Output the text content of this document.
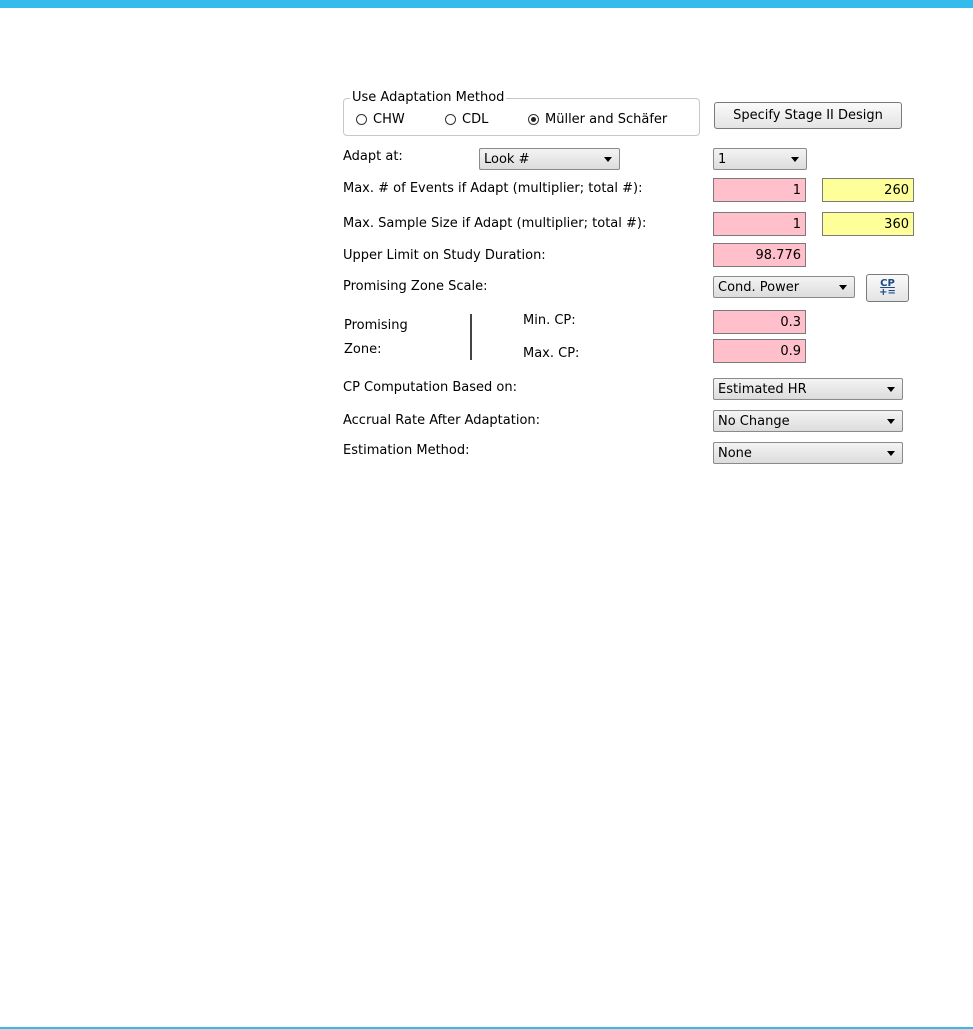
Use Adaptation Method
CHW	CDL	Müller and Schäfer	Specify Stage II Design
Adapt at:	Look #	1
Max. # of Events if Adapt (multiplier; total #):	1	260
Max. Sample Size if Adapt (multiplier; total #):	1	360
Upper Limit on Study Duration:	98.776
Promising Zone Scale:	Cond. Power	CP
+=
Promising
Zone:
Min. CP:	0.3
Max. CP:	0.9
CP Computation Based on:	Estimated HR
Accrual Rate After Adaptation:	No Change
Estimation Method:	None
